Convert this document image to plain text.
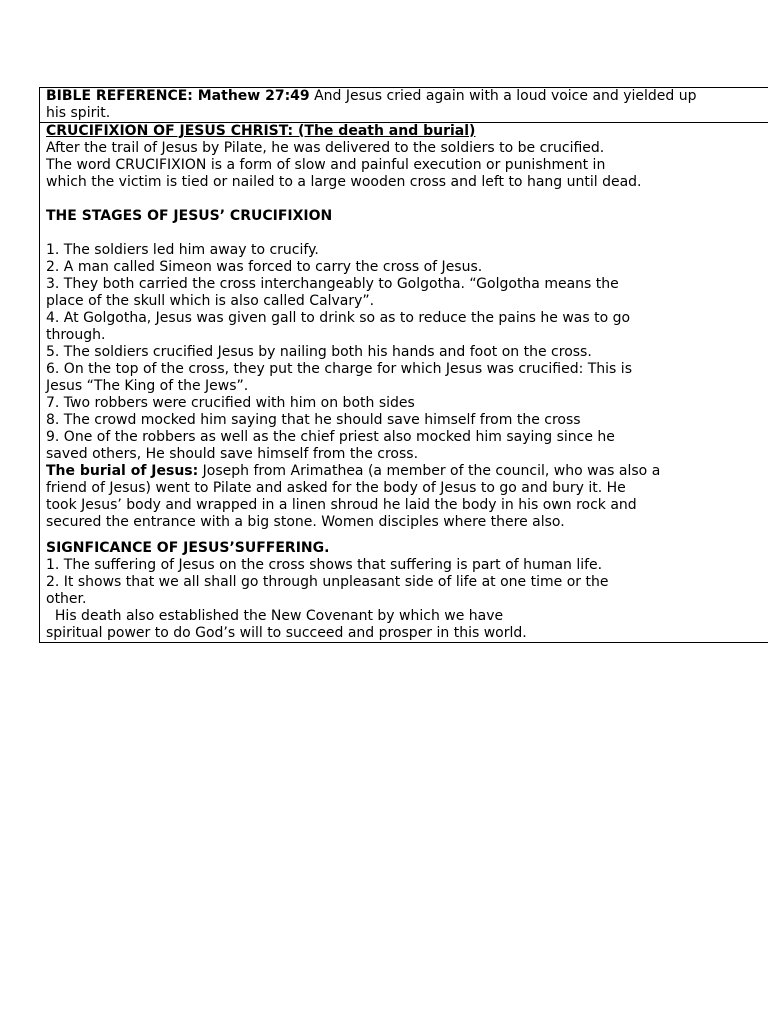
BIBLE REFERENCE: Mathew 27:49 And Jesus cried again with a loud voice and yielded up

his spirit.

CRUCIFIXION OF JESUS CHRIST: (The death and burial)

After the trail of Jesus by Pilate, he was delivered to the soldiers to be crucified.

The word CRUCIFIXION is a form of slow and painful execution or punishment in

which the victim is tied or nailed to a large wooden cross and left to hang until dead.

THE STAGES OF JESUS’ CRUCIFIXION

1. The soldiers led him away to crucify.

2. A man called Simeon was forced to carry the cross of Jesus.

3. They both carried the cross interchangeably to Golgotha. “Golgotha means the

place of the skull which is also called Calvary”.

4. At Golgotha, Jesus was given gall to drink so as to reduce the pains he was to go

through.

5. The soldiers crucified Jesus by nailing both his hands and foot on the cross.

6. On the top of the cross, they put the charge for which Jesus was crucified: This is

Jesus “The King of the Jews”.

7. Two robbers were crucified with him on both sides

8. The crowd mocked him saying that he should save himself from the cross

9. One of the robbers as well as the chief priest also mocked him saying since he

saved others, He should save himself from the cross.

The burial of Jesus: Joseph from Arimathea (a member of the council, who was also a

friend of Jesus) went to Pilate and asked for the body of Jesus to go and bury it. He

took Jesus’ body and wrapped in a linen shroud he laid the body in his own rock and

secured the entrance with a big stone. Women disciples where there also.

SIGNFICANCE OF JESUS’SUFFERING.

1. The suffering of Jesus on the cross shows that suffering is part of human life.

2. It shows that we all shall go through unpleasant side of life at one time or the

other.

His death also established the New Covenant by which we have

spiritual power to do God’s will to succeed and prosper in this world.
